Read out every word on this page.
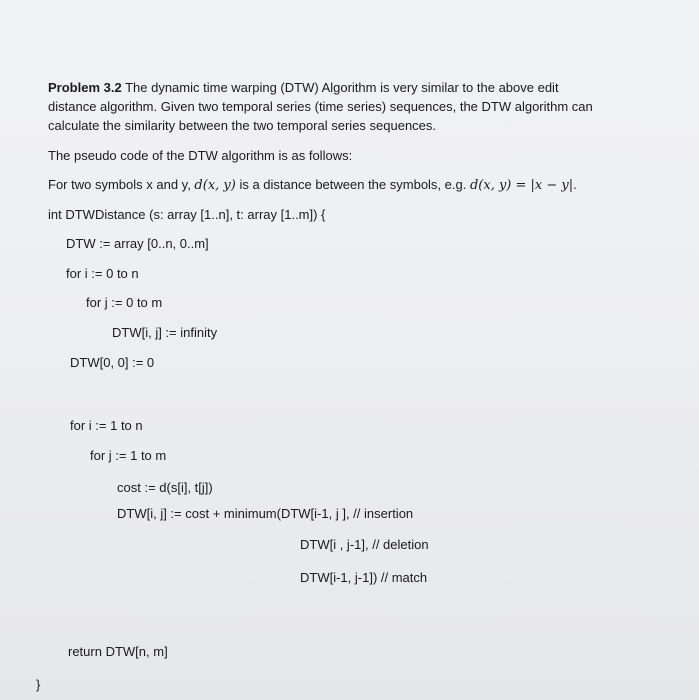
Problem 3.2 The dynamic time warping (DTW) Algorithm is very similar to the above edit
distance algorithm. Given two temporal series (time series) sequences, the DTW algorithm can
calculate the similarity between the two temporal series sequences.
The pseudo code of the DTW algorithm is as follows:
For two symbols x and y, d(x, y) is a distance between the symbols, e.g. d(x, y) = |x − y|.
int DTWDistance (s: array [1..n], t: array [1..m]) {
DTW := array [0..n, 0..m]
for i := 0 to n
for j := 0 to m
DTW[i, j] := infinity
DTW[0, 0] := 0
for i := 1 to n
for j := 1 to m
cost := d(s[i], t[j])
DTW[i, j] := cost + minimum(DTW[i-1, j ], // insertion
DTW[i , j-1], // deletion
DTW[i-1, j-1]) // match
return DTW[n, m]
}
